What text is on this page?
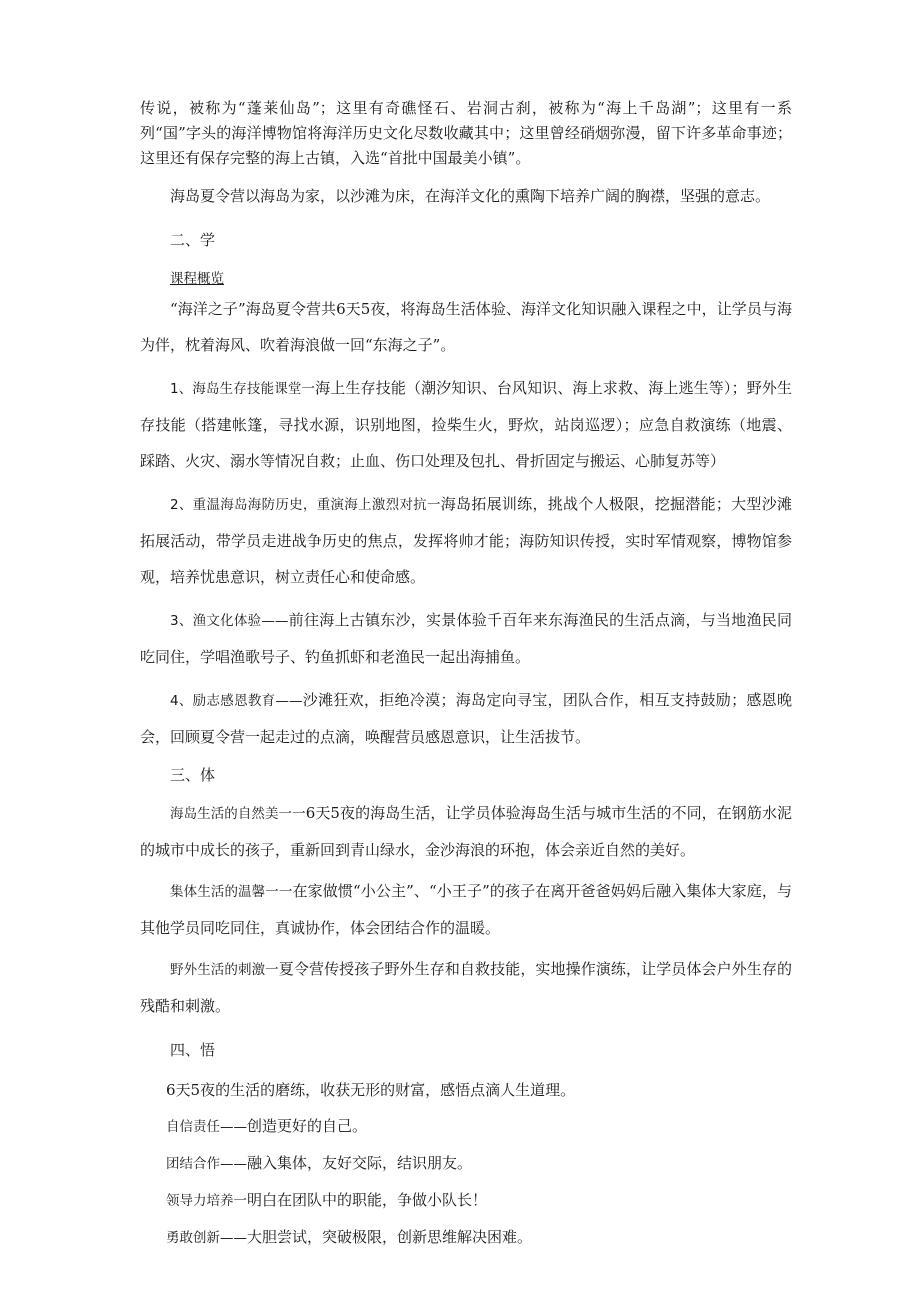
传说，被称为“蓬莱仙岛”；这里有奇礁怪石、岩洞古刹，被称为“海上千岛湖”；这里有一系列“国”字头的海洋博物馆将海洋历史文化尽数收藏其中；这里曾经硝烟弥漫，留下许多革命事迹；这里还有保存完整的海上古镇，入选“首批中国最美小镇”。

海岛夏令营以海岛为家，以沙滩为床，在海洋文化的熏陶下培养广阔的胸襟，坚强的意志。

二、学

课程概览

“海洋之子”海岛夏令营共6天5夜，将海岛生活体验、海洋文化知识融入课程之中，让学员与海为伴，枕着海风、吹着海浪做一回“东海之子”。

1、海岛生存技能课堂一海上生存技能（潮汐知识、台风知识、海上求救、海上逃生等）；野外生存技能（搭建帐篷，寻找水源，识别地图，捡柴生火，野炊，站岗巡逻）；应急自救演练（地震、踩踏、火灾、溺水等情况自救；止血、伤口处理及包扎、骨折固定与搬运、心肺复苏等）

2、重温海岛海防历史，重演海上激烈对抗一海岛拓展训练，挑战个人极限，挖掘潜能；大型沙滩拓展活动，带学员走进战争历史的焦点，发挥将帅才能；海防知识传授，实时军情观察，博物馆参观，培养忧患意识，树立责任心和使命感。

3、渔文化体验——前往海上古镇东沙，实景体验千百年来东海渔民的生活点滴，与当地渔民同吃同住，学唱渔歌号子、钓鱼抓虾和老渔民一起出海捕鱼。

4、励志感恩教育——沙滩狂欢，拒绝冷漠；海岛定向寻宝，团队合作，相互支持鼓励；感恩晚会，回顾夏令营一起走过的点滴，唤醒营员感恩意识，让生活拔节。

三、体

海岛生活的自然美一一6天5夜的海岛生活，让学员体验海岛生活与城市生活的不同，在钢筋水泥的城市中成长的孩子，重新回到青山绿水，金沙海浪的环抱，体会亲近自然的美好。

集体生活的温馨一一在家做惯“小公主”、“小王子”的孩子在离开爸爸妈妈后融入集体大家庭，与其他学员同吃同住，真诚协作，体会团结合作的温暖。

野外生活的刺激一夏令营传授孩子野外生存和自救技能，实地操作演练，让学员体会户外生存的残酷和刺激。

四、悟

6天5夜的生活的磨练，收获无形的财富，感悟点滴人生道理。

自信责任——创造更好的自己。

团结合作——融入集体，友好交际，结识朋友。

领导力培养一明白在团队中的职能，争做小队长！

勇敢创新——大胆尝试，突破极限，创新思维解决困难。
